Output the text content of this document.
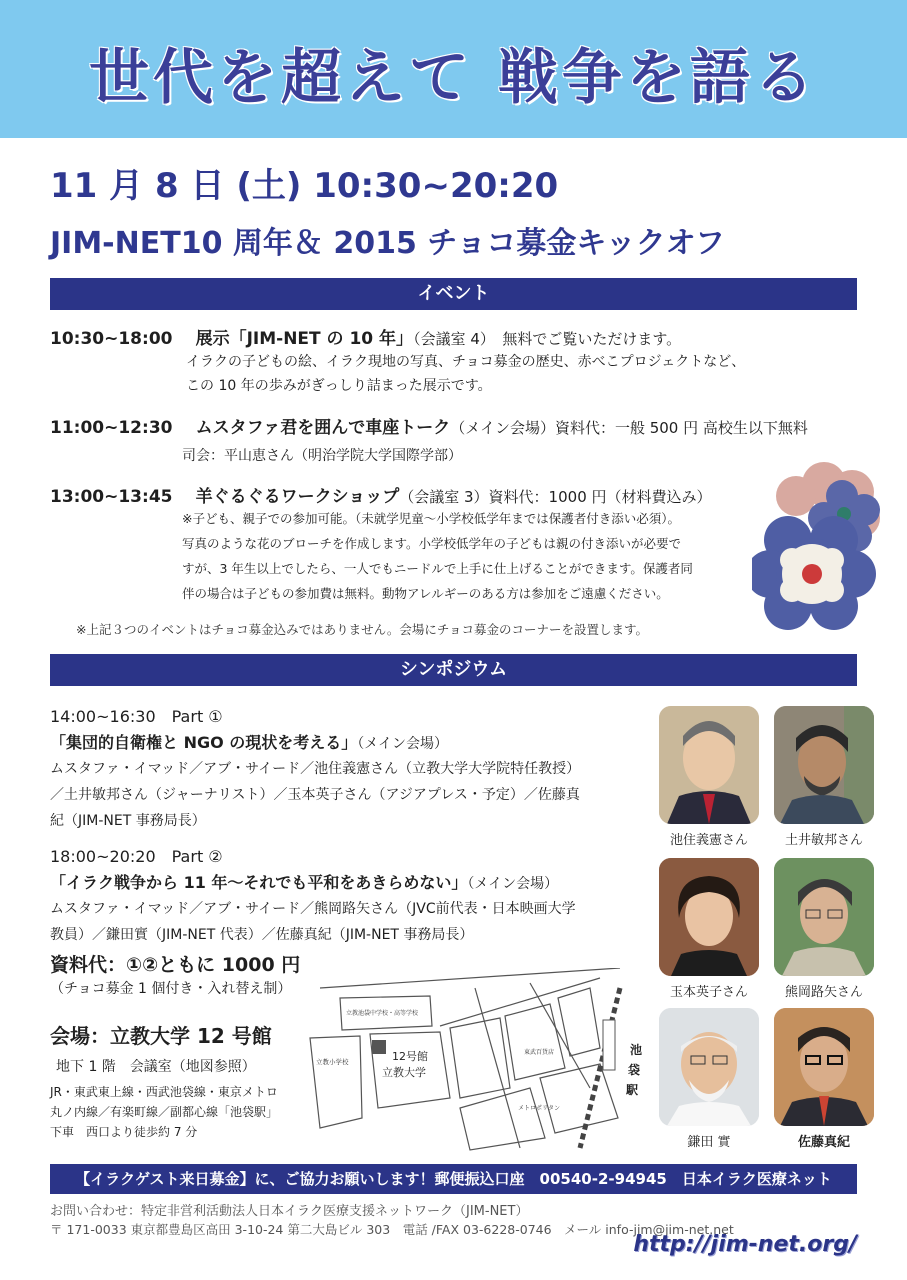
世代を超えて 戦争を語る
11 月 8 日 (土) 10:30~20:20
JIM-NET10 周年＆ 2015 チョコ募金キックオフ
イベント
10:30~18:00 展示「JIM-NET の 10 年」（会議室 4）　無料でご覧いただけます。
イラクの子どもの絵、イラク現地の写真、チョコ募金の歴史、赤べこプロジェクトなど、
この 10 年の歩みがぎっしり詰まった展示です。
11:00~12:30 ムスタファ君を囲んで車座トーク（メイン会場）資料代：一般 500 円 高校生以下無料
司会：平山恵さん（明治学院大学国際学部）
13:00~13:45 羊ぐるぐるワークショップ（会議室 3）資料代：1000 円（材料費込み）
※子ども、親子での参加可能。（未就学児童～小学校低学年までは保護者付き添い必須）。
写真のような花のブローチを作成します。小学校低学年の子どもは親の付き添いが必要で
すが、3 年生以上でしたら、一人でもニードルで上手に仕上げることができます。保護者同
伴の場合は子どもの参加費は無料。動物アレルギーのある方は参加をご遠慮ください。
※上記３つのイベントはチョコ募金込みではありません。会場にチョコ募金のコーナーを設置します。
シンポジウム
14:00~16:30　Part ①
「集団的自衛権と NGO の現状を考える」（メイン会場）
ムスタファ・イマッド／アブ・サイード／池住義憲さん（立教大学大学院特任教授）
／土井敏邦さん（ジャーナリスト）／玉本英子さん（アジアプレス・予定）／佐藤真
紀（JIM-NET 事務局長）
18:00~20:20　Part ②
「イラク戦争から 11 年～それでも平和をあきらめない」（メイン会場）
ムスタファ・イマッド／アブ・サイード／熊岡路矢さん（JVC前代表・日本映画大学
教員）／鎌田實（JIM-NET 代表）／佐藤真紀（JIM-NET 事務局長）
資料代：①②ともに 1000 円
（チョコ募金 1 個付き・入れ替え制）
会場：立教大学 12 号館
地下 1 階　会議室（地図参照）
JR・東武東上線・西武池袋線・東京メトロ
丸ノ内線／有楽町線／副都心線「池袋駅」
下車　西口より徒歩約 7 分
立教池袋中学校・高等学校
立教小学校	12号館
立教大学
東武百貨店
メトロポリタン
池
袋
駅
池住義憲さん	土井敏邦さん
玉本英子さん	熊岡路矢さん
鎌田 實	佐藤真紀
【イラクゲスト来日募金】に、ご協力お願いします！郵便振込口座　00540-2-94945　日本イラク医療ネット
お問い合わせ：特定非営利活動法人日本イラク医療支援ネットワーク（JIM-NET）
〒 171-0033 東京都豊島区高田 3-10-24 第二大島ビル 303　電話 /FAX 03-6228-0746　メール info-jim@jim-net.net
http://jim-net.org/
